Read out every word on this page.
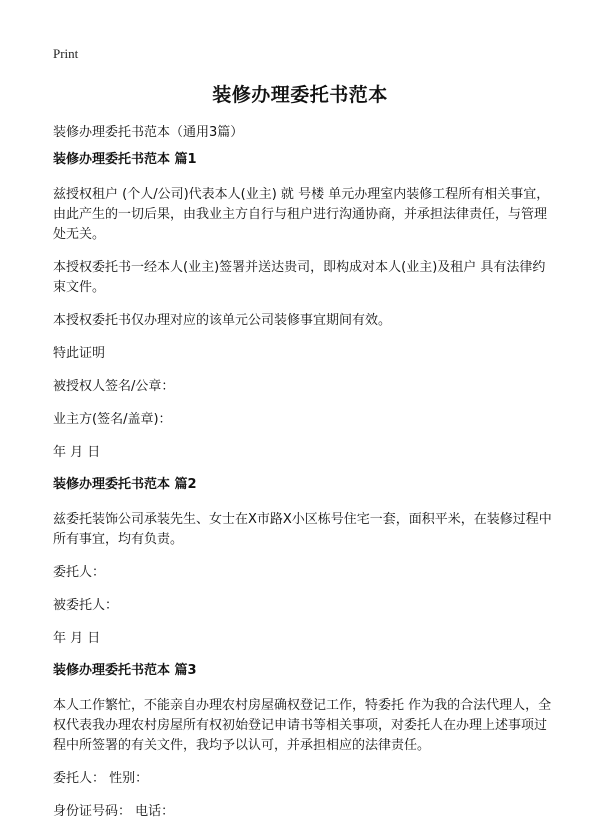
Print
装修办理委托书范本
装修办理委托书范本（通用3篇）
装修办理委托书范本 篇1
兹授权租户 (个人/公司)代表本人(业主) 就 号楼 单元办理室内装修工程所有相关事宜，由此产生的一切后果，由我业主方自行与租户进行沟通协商，并承担法律责任，与管理处无关。
本授权委托书一经本人(业主)签署并送达贵司，即构成对本人(业主)及租户 具有法律约束文件。
本授权委托书仅办理对应的该单元公司装修事宜期间有效。
特此证明
被授权人签名/公章：
业主方(签名/盖章)：
年 月 日
装修办理委托书范本 篇2
兹委托装饰公司承装先生、女士在X市路X小区栋号住宅一套，面积平米，在装修过程中所有事宜，均有负责。
委托人：
被委托人：
年 月 日
装修办理委托书范本 篇3
本人工作繁忙，不能亲自办理农村房屋确权登记工作，特委托 作为我的合法代理人，全权代表我办理农村房屋所有权初始登记申请书等相关事项，对委托人在办理上述事项过程中所签署的有关文件，我均予以认可，并承担相应的法律责任。
委托人： 性别：
身份证号码： 电话：
